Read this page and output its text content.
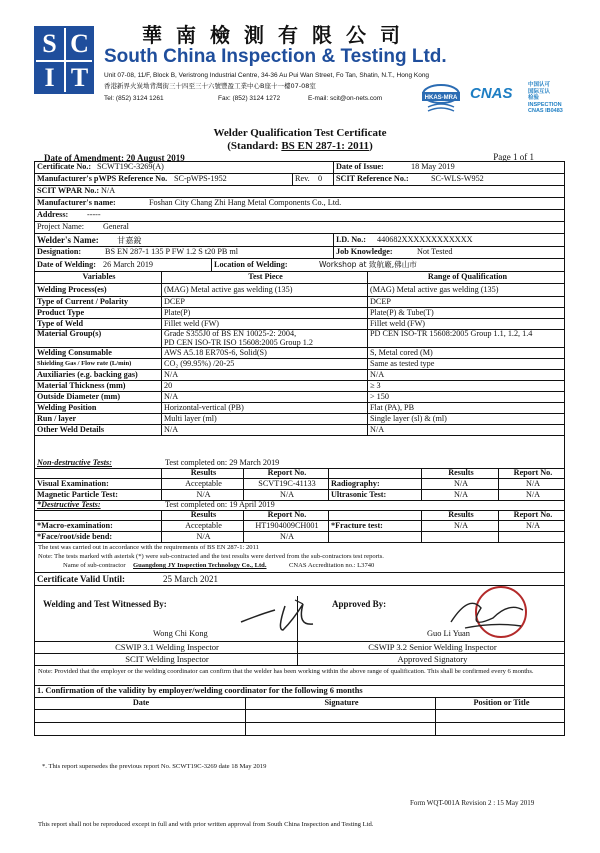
S C
I T
華南檢測有限公司
South China Inspection & Testing Ltd.
Unit 07-08, 11/F, Block B, Veristrong Industrial Centre, 34-36 Au Pui Wan Street, Fo Tan, Shatin, N.T., Hong Kong
香港新界火炭坳背灣街三十四至三十六號豐盈工業中心B座十一樓07-08室
Tel: (852) 3124 1261	Fax: (852) 3124 1272	E-mail: scit@on-nets.com	HKAS-MRA CNAS	中国认可
国际互认
检验
INSPECTION
CNAS IB0483
Welder Qualification Test Certificate
(Standard: BS EN 287-1: 2011)
Page 1 of 1
Date of Amendment: 20 August 2019
Certificate No.: SCWT19C-3269(A)	Date of Issue:	18 May 2019
Manufacturer's pWPS Reference No. SC-pWPS-1952	Rev.	0	SCIT Reference No.:	SC-WLS-W952
SCIT WPAR No.: N/A
Manufacturer's name:	Foshan City Chang Zhi Hang Metal Components Co., Ltd.
Address:	-----
Project Name:	General
Welder's Name:	甘嘉銳	I.D. No.:	440682XXXXXXXXXXXX
Designation:	BS EN 287-1 135 P FW 1.2 S t20 PB ml	Job Knowledge:	Not Tested
Date of Welding: 26 March 2019	Location of Welding:	Workshop at 致航廠,佛山市
Variables	Test Piece	Range of Qualification
Welding Process(es)	(MAG) Metal active gas welding (135)	(MAG) Metal active gas welding (135)
Type of Current / Polarity	DCEP	DCEP
Product Type	Plate(P)	Plate(P) & Tube(T)
Type of Weld	Fillet weld (FW)	Fillet weld (FW)
Material Group(s)	Grade S355J0 of BS EN 10025-2: 2004,	PD CEN ISO-TR 15608:2005 Group 1.1, 1.2, 1.4
PD CEN ISO-TR ISO 15608:2005 Group 1.2
Welding Consumable	AWS A5.18 ER70S-6, Solid(S)	S, Metal cored (M)
Shielding Gas / Flow rate (L/min)	CO₂ (99.95%) /20-25	Same as tested type
Auxiliaries (e.g. backing gas)	N/A	N/A
Material Thickness (mm)	20	≥ 3
Outside Diameter (mm)	N/A	> 150
Welding Position	Horizontal-vertical (PB)	Flat (PA), PB
Run / layer	Multi layer (ml)	Single layer (sl) & (ml)
Other Weld Details	N/A	N/A
Non-destructive Tests:	Test completed on: 29 March 2019
Results	Report No.	Results	Report No.
Visual Examination:	Acceptable	SCVT19C-41133	Radiography:	N/A	N/A
Magnetic Particle Test:	N/A	N/A	Ultrasonic Test:	N/A	N/A
*Destructive Tests:	Test completed on: 19 April 2019
Results	Report No.	Results	Report No.
*Macro-examination:	Acceptable	HT1904009CH001	*Fracture test:	N/A	N/A
*Face/root/side bend:	N/A	N/A
The test was carried out in accordance with the requirements of BS EN 287-1: 2011
Note: The tests marked with asterisk (*) were sub-contracted and the test results were derived from the sub-contractors test reports.
Name of sub-contractor Guangdong JY Inspection Technology Co., Ltd.	CNAS Accreditation no.: L3740
Certificate Valid Until:	25 March 2021
Welding and Test Witnessed By:
Wong Chi Kong
Approved By:
Guo Li Yuan
CSWIP 3.1 Welding Inspector	CSWIP 3.2 Senior Welding Inspector
SCIT Welding Inspector	Approved Signatory
Note: Provided that the employer or the welding coordinator can confirm that the welder has been working within the above range of qualification. This shall be confirmed every 6 months.
1. Confirmation of the validity by employer/welding coordinator for the following 6 months
Date	Signature	Position or Title
*. This report supersedes the previous report No. SCWT19C-3269 date 18 May 2019
Form WQT-001A Revision 2 : 15 May 2019
This report shall not be reproduced except in full and with prior written approval from South China Inspection and Testing Ltd.
